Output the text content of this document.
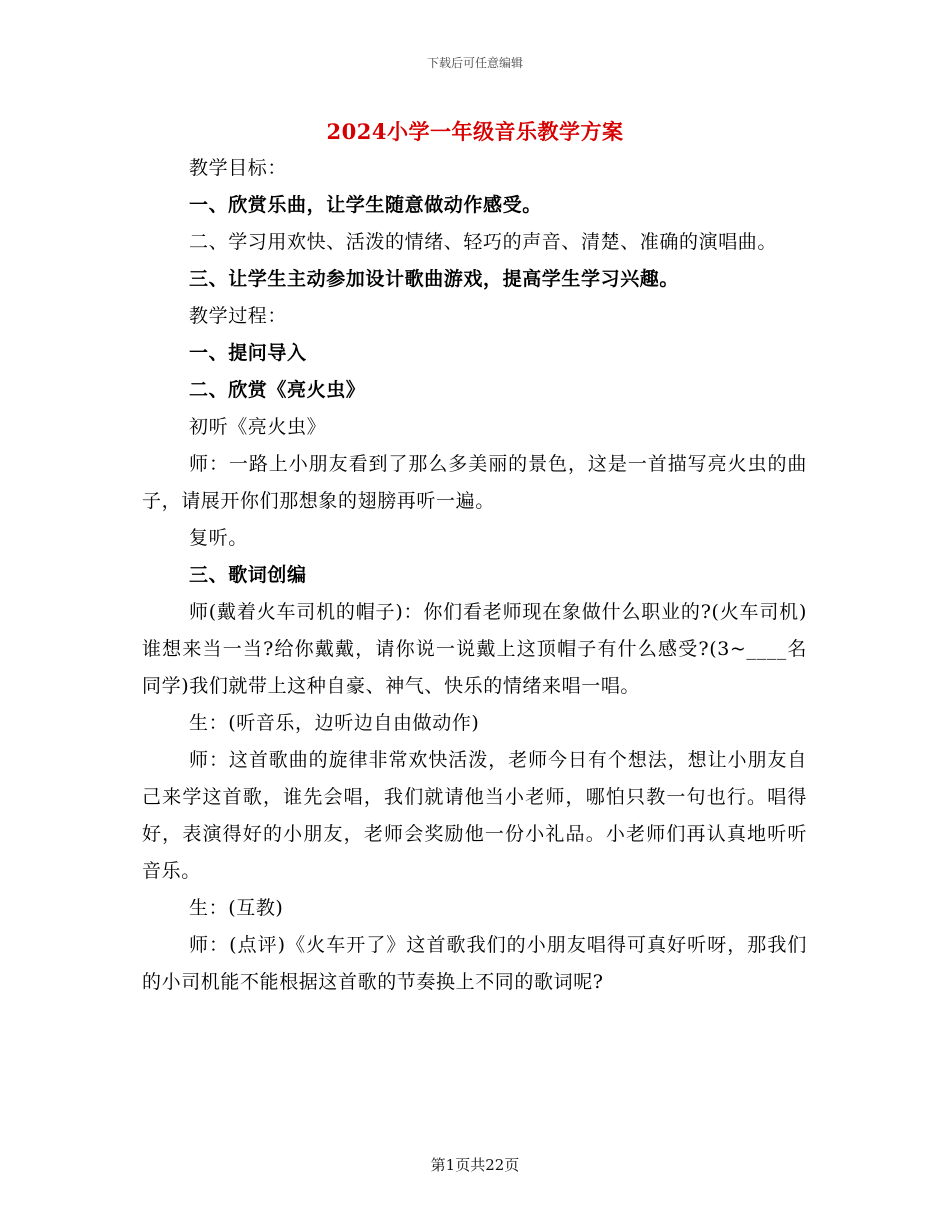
下载后可任意编辑
2024小学一年级音乐教学方案

教学目标：

一、欣赏乐曲，让学生随意做动作感受。

二、学习用欢快、活泼的情绪、轻巧的声音、清楚、准确的演唱曲。

三、让学生主动参加设计歌曲游戏，提高学生学习兴趣。

教学过程：

一、提问导入

二、欣赏《亮火虫》

初听《亮火虫》

师：一路上小朋友看到了那么多美丽的景色，这是一首描写亮火虫的曲子，请展开你们那想象的翅膀再听一遍。

复听。

三、歌词创编

师(戴着火车司机的帽子)：你们看老师现在象做什么职业的?(火车司机)谁想来当一当?给你戴戴，请你说一说戴上这顶帽子有什么感受?(3~____名同学)我们就带上这种自豪、神气、快乐的情绪来唱一唱。

生：(听音乐，边听边自由做动作)

师：这首歌曲的旋律非常欢快活泼，老师今日有个想法，想让小朋友自己来学这首歌，谁先会唱，我们就请他当小老师，哪怕只教一句也行。唱得好，表演得好的小朋友，老师会奖励他一份小礼品。小老师们再认真地听听音乐。

生：(互教)

师：(点评)《火车开了》这首歌我们的小朋友唱得可真好听呀，那我们的小司机能不能根据这首歌的节奏换上不同的歌词呢?

第1页共22页
